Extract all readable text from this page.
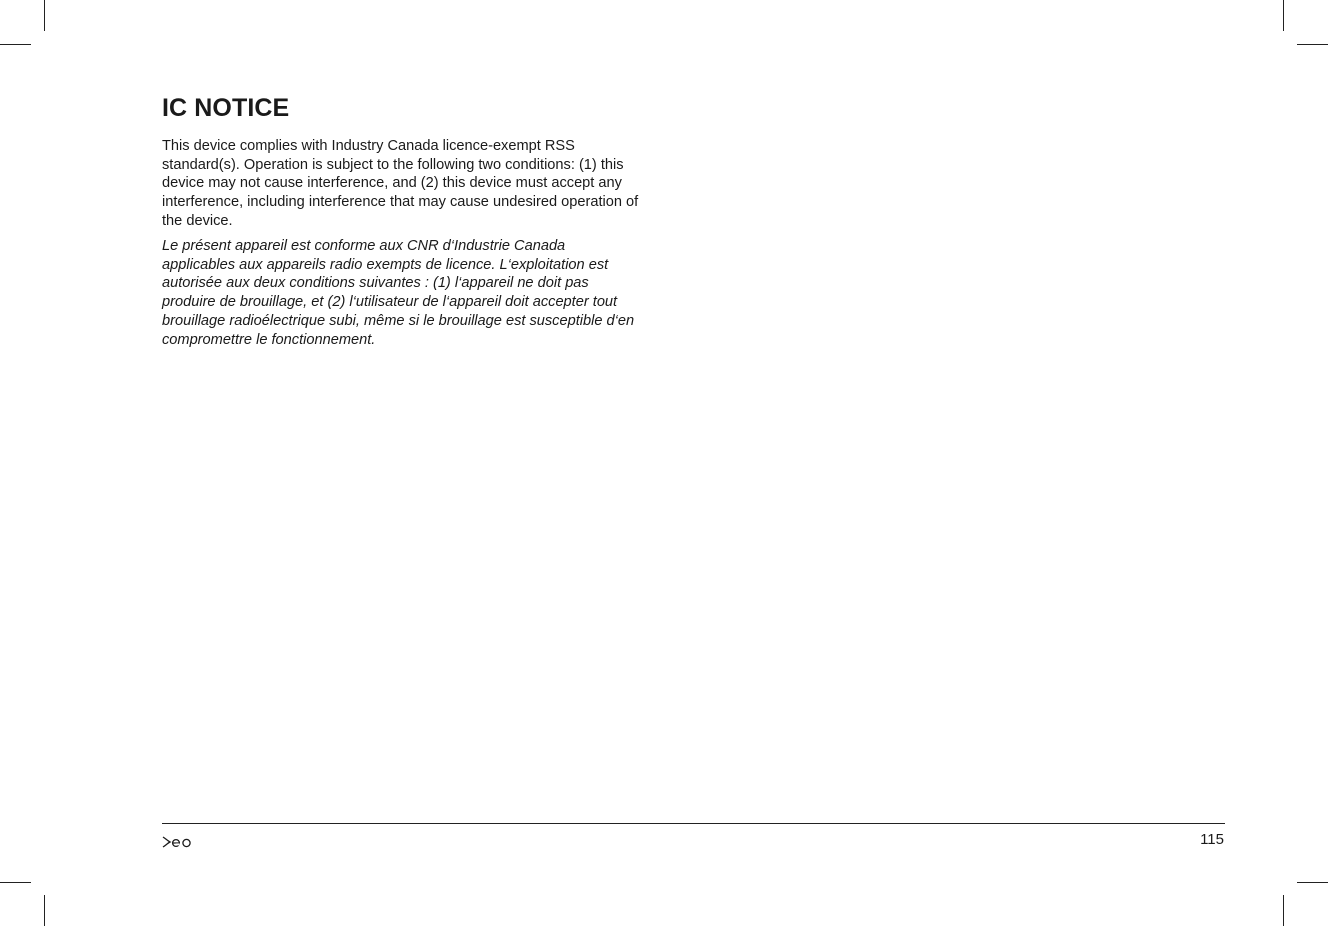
IC NOTICE

This device complies with Industry Canada licence-exempt RSS
standard(s). Operation is subject to the following two conditions: (1) this
device may not cause interference, and (2) this device must accept any
interference, including interference that may cause undesired operation of
the device.

Le présent appareil est conforme aux CNR d‘Industrie Canada
applicables aux appareils radio exempts de licence. L‘exploitation est
autorisée aux deux conditions suivantes : (1) l‘appareil ne doit pas
produire de brouillage, et (2) l‘utilisateur de l‘appareil doit accepter tout
brouillage radioélectrique subi, même si le brouillage est susceptible d‘en
compromettre le fonctionnement.

115
